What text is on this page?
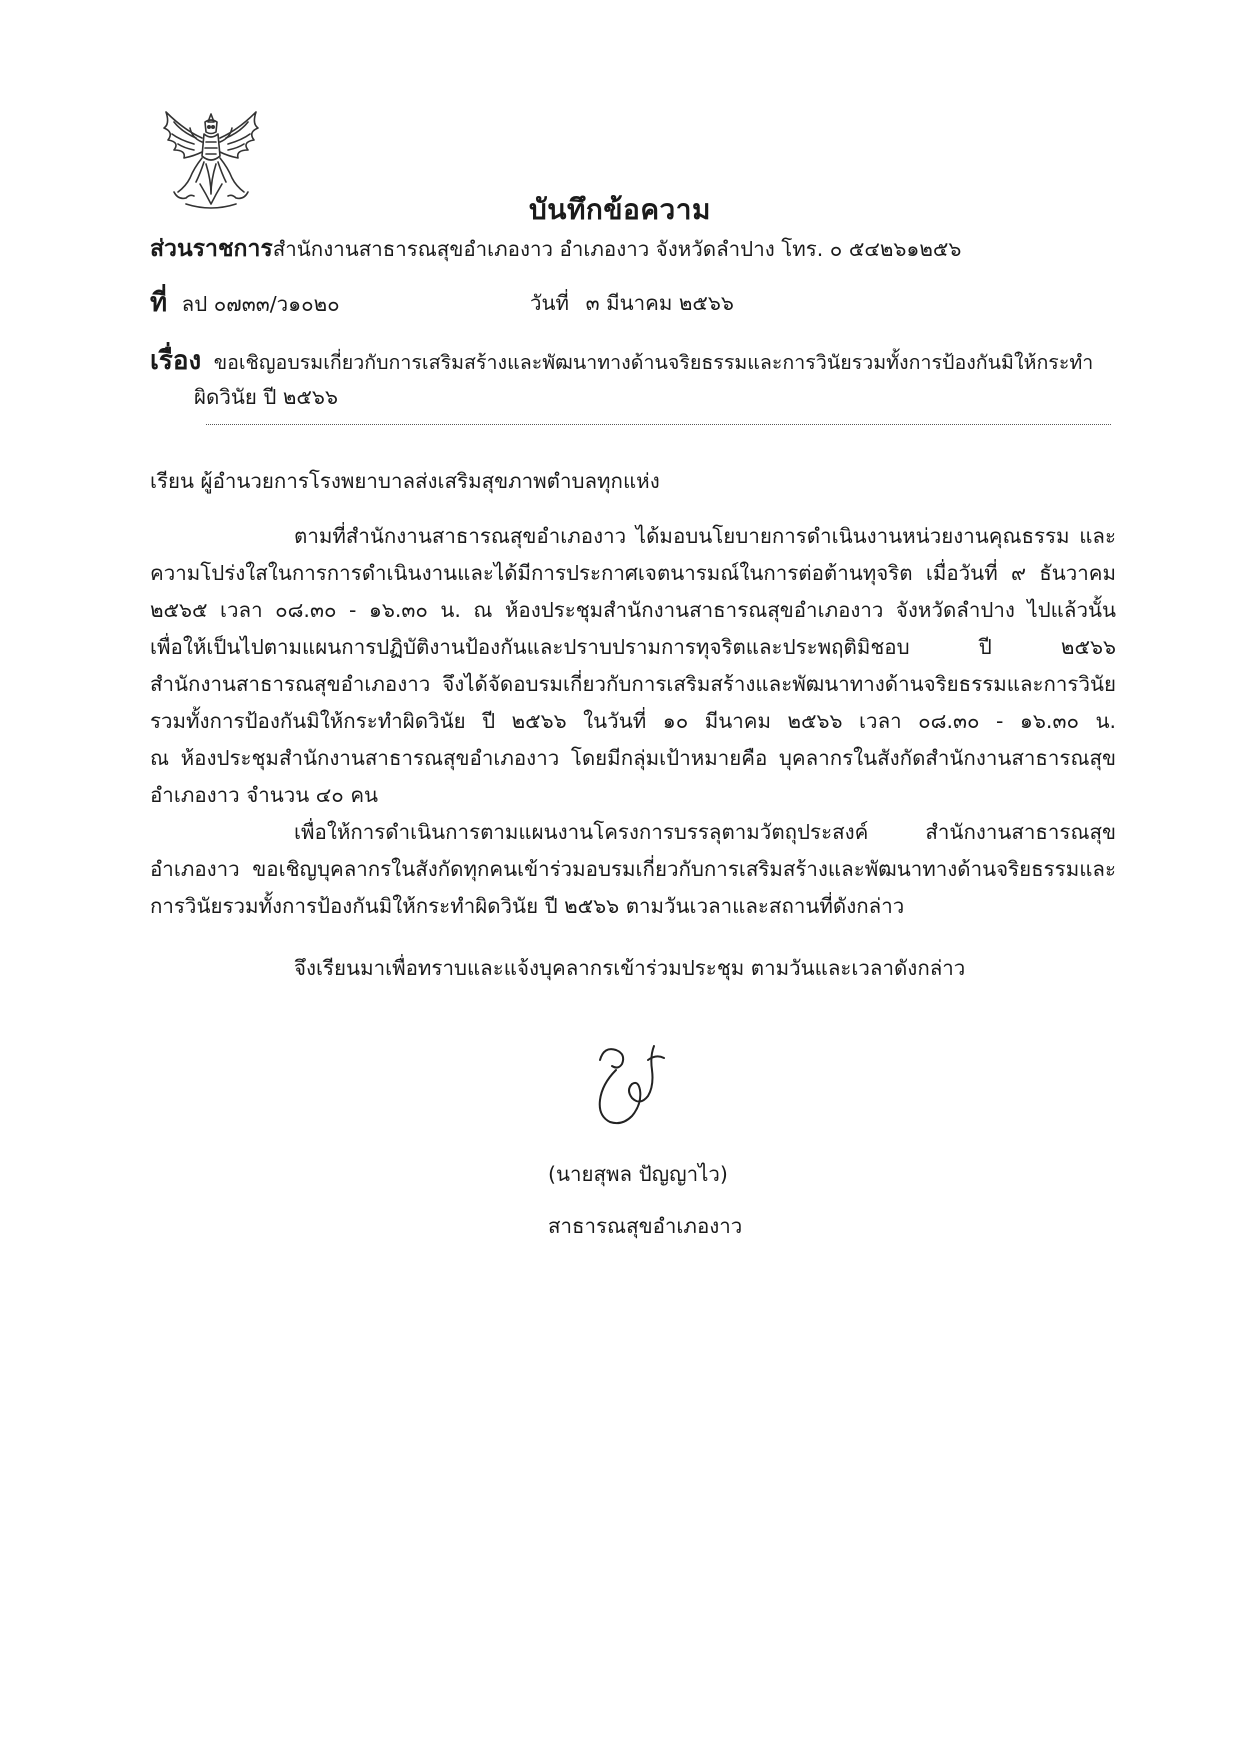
บันทึกข้อความ
ส่วนราชการสำนักงานสาธารณสุขอำเภองาว อำเภองาว จังหวัดลำปาง โทร. ๐ ๕๔๒๖๑๒๕๖
ที่ ลป ๐๗๓๓/ว๑๐๒๐	วันที่ ๓ มีนาคม ๒๕๖๖
เรื่อง ขอเชิญอบรมเกี่ยวกับการเสริมสร้างและพัฒนาทางด้านจริยธรรมและการวินัยรวมทั้งการป้องกันมิให้กระทำ
ผิดวินัย ปี ๒๕๖๖
เรียน ผู้อำนวยการโรงพยาบาลส่งเสริมสุขภาพตำบลทุกแห่ง
ตามที่สำนักงานสาธารณสุขอำเภองาว ได้มอบนโยบายการดำเนินงานหน่วยงานคุณธรรม และ
ความโปร่งใสในการการดำเนินงานและได้มีการประกาศเจตนารมณ์ในการต่อต้านทุจริต เมื่อวันที่ ๙ ธันวาคม
๒๕๖๕ เวลา ๐๘.๓๐ - ๑๖.๓๐ น. ณ ห้องประชุมสำนักงานสาธารณสุขอำเภองาว จังหวัดลำปาง ไปแล้วนั้น
เพื่อให้เป็นไปตามแผนการปฏิบัติงานป้องกันและปราบปรามการทุจริตและประพฤติมิชอบ ปี ๒๕๖๖
สำนักงานสาธารณสุขอำเภองาว จึงได้จัดอบรมเกี่ยวกับการเสริมสร้างและพัฒนาทางด้านจริยธรรมและการวินัย
รวมทั้งการป้องกันมิให้กระทำผิดวินัย ปี ๒๕๖๖ ในวันที่ ๑๐ มีนาคม ๒๕๖๖ เวลา ๐๘.๓๐ - ๑๖.๓๐ น.
ณ ห้องประชุมสำนักงานสาธารณสุขอำเภองาว โดยมีกลุ่มเป้าหมายคือ บุคลากรในสังกัดสำนักงานสาธารณสุข
อำเภองาว จำนวน ๔๐ คน
เพื่อให้การดำเนินการตามแผนงานโครงการบรรลุตามวัตถุประสงค์ สำนักงานสาธารณสุข
อำเภองาว ขอเชิญบุคลากรในสังกัดทุกคนเข้าร่วมอบรมเกี่ยวกับการเสริมสร้างและพัฒนาทางด้านจริยธรรมและ
การวินัยรวมทั้งการป้องกันมิให้กระทำผิดวินัย ปี ๒๕๖๖ ตามวันเวลาและสถานที่ดังกล่าว
จึงเรียนมาเพื่อทราบและแจ้งบุคลากรเข้าร่วมประชุม ตามวันและเวลาดังกล่าว
(นายสุพล ปัญญาไว)
สาธารณสุขอำเภองาว
